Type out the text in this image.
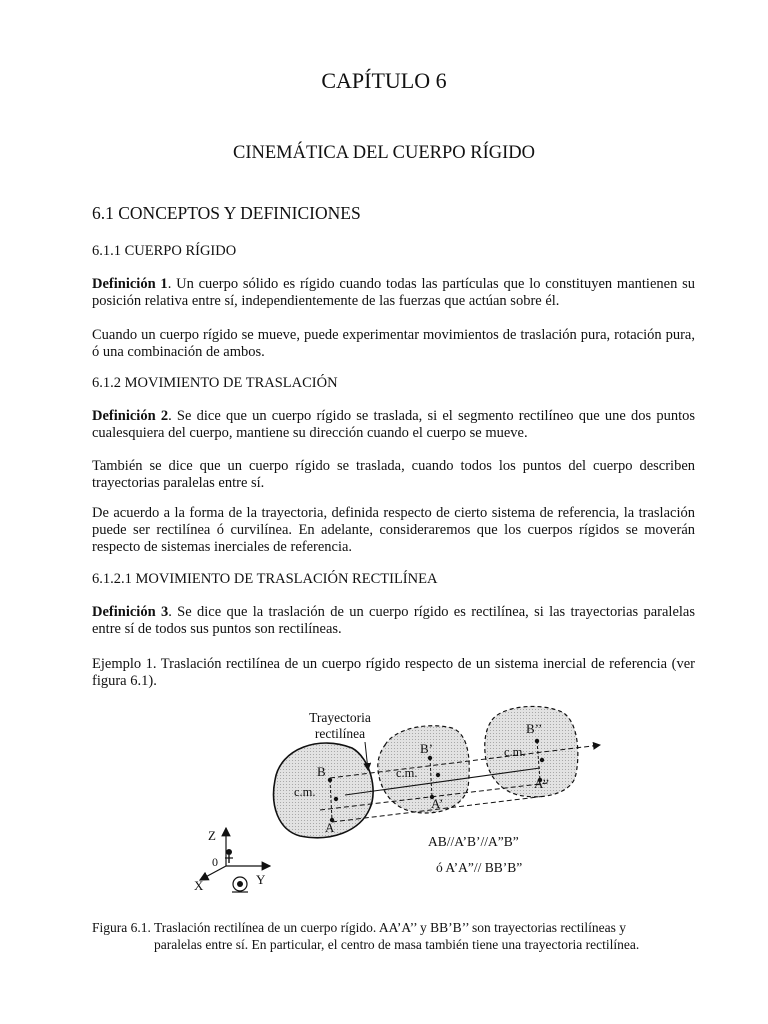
CAPÍTULO 6
CINEMÁTICA DEL CUERPO RÍGIDO
6.1 CONCEPTOS Y DEFINICIONES
6.1.1 CUERPO RÍGIDO
Definición 1. Un cuerpo sólido es rígido cuando todas las partículas que lo constituyen mantienen su posición relativa entre sí, independientemente de las fuerzas que actúan sobre él.
Cuando un cuerpo rígido se mueve, puede experimentar movimientos de traslación pura, rotación pura, ó una combinación de ambos.
6.1.2 MOVIMIENTO DE TRASLACIÓN
Definición 2. Se dice que un cuerpo rígido se traslada, si el segmento rectilíneo que une dos puntos cualesquiera del cuerpo, mantiene su dirección cuando el cuerpo se mueve.
También se dice que un cuerpo rígido se traslada, cuando todos los puntos del cuerpo describen trayectorias paralelas entre sí.
De acuerdo a la forma de la trayectoria, definida respecto de cierto sistema de referencia, la traslación puede ser rectilínea ó curvilínea. En adelante, consideraremos que los cuerpos rígidos se moverán respecto de sistemas inerciales de referencia.
6.1.2.1 MOVIMIENTO DE TRASLACIÓN RECTILÍNEA
Definición 3. Se dice que la traslación de un cuerpo rígido es rectilínea, si las trayectorias paralelas entre sí de todos sus puntos son rectilíneas.
Ejemplo 1. Traslación rectilínea de un cuerpo rígido respecto de un sistema inercial de referencia (ver figura 6.1).
Trayectoria
rectilínea
B
c.m.
A
B’
c.m.
A’
B’’
c.m.
A’’
AB//A’B’//A”B”
ó A’A”// BB’B”
Z
Y
X
0
Figura 6.1. Traslación rectilínea de un cuerpo rígido. AA’A’’ y BB’B’’ son trayectorias rectilíneas y
paralelas entre sí. En particular, el centro de masa también tiene una trayectoria rectilínea.
